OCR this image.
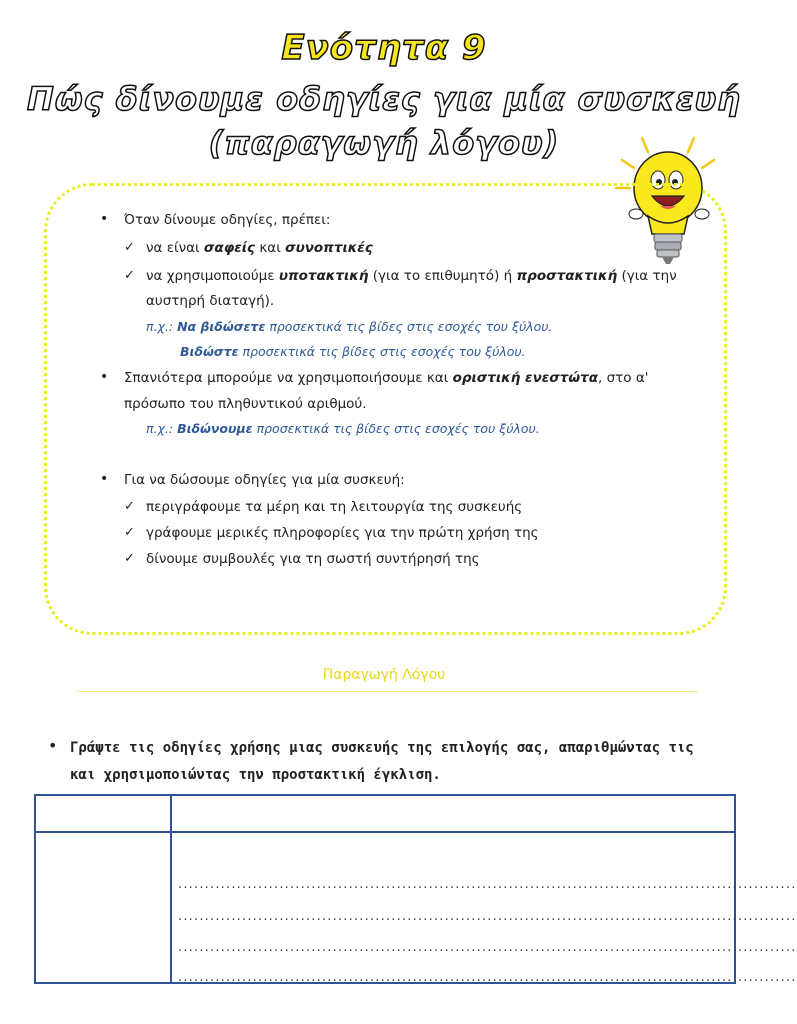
Ενότητα 9
Πώς δίνουμε οδηγίες για μία συσκευή
(παραγωγή λόγου)
• Όταν δίνουμε οδηγίες, πρέπει:
✓ να είναι σαφείς και συνοπτικές
✓ να χρησιμοποιούμε υποτακτική (για το επιθυμητό) ή προστακτική (για την
αυστηρή διαταγή).
π.χ.: Να βιδώσετε προσεκτικά τις βίδες στις εσοχές του ξύλου.
Βιδώστε προσεκτικά τις βίδες στις εσοχές του ξύλου.
• Σπανιότερα μπορούμε να χρησιμοποιήσουμε και οριστική ενεστώτα, στο α'
πρόσωπο του πληθυντικού αριθμού.
π.χ.: Βιδώνουμε προσεκτικά τις βίδες στις εσοχές του ξύλου.
• Για να δώσουμε οδηγίες για μία συσκευή:
✓ περιγράφουμε τα μέρη και τη λειτουργία της συσκευής
✓ γράφουμε μερικές πληροφορίες για την πρώτη χρήση της
✓ δίνουμε συμβουλές για τη σωστή συντήρησή της
Παραγωγή Λόγου
• Γράψτε τις οδηγίες χρήσης μιας συσκευής της επιλογής σας, απαριθμώντας τις και χρησιμοποιώντας την προστακτική έγκλιση.

....................................................................................................................
....................................................................................................................
....................................................................................................................
....................................................................................................................
